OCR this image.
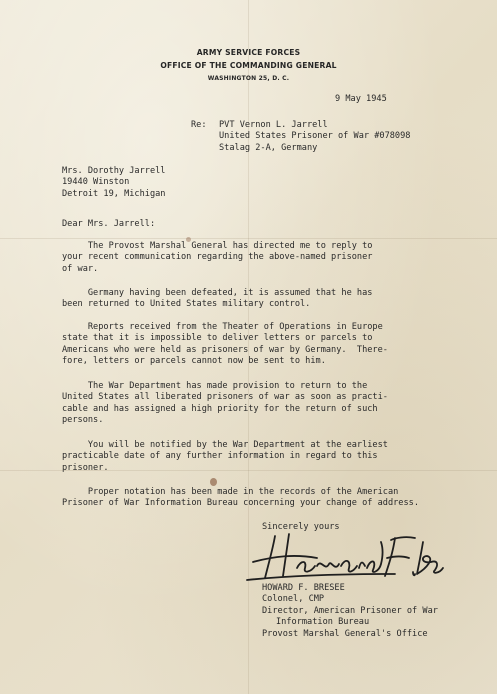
ARMY SERVICE FORCES
OFFICE OF THE COMMANDING GENERAL
WASHINGTON 25, D. C.
9 May 1945
Re: PVT Vernon L. Jarrell
United States Prisoner of War #078098
Stalag 2-A, Germany
Mrs. Dorothy Jarrell
19440 Winston
Detroit 19, Michigan
Dear Mrs. Jarrell:
The Provost Marshal General has directed me to reply to
your recent communication regarding the above-named prisoner
of war.
Germany having been defeated, it is assumed that he has
been returned to United States military control.
Reports received from the Theater of Operations in Europe
state that it is impossible to deliver letters or parcels to
Americans who were held as prisoners of war by Germany.  There-
fore, letters or parcels cannot now be sent to him.
The War Department has made provision to return to the
United States all liberated prisoners of war as soon as practi-
cable and has assigned a high priority for the return of such
persons.
You will be notified by the War Department at the earliest
practicable date of any further information in regard to this
prisoner.
Proper notation has been made in the records of the American
Prisoner of War Information Bureau concerning your change of address.
Sincerely yours
HOWARD F. BRESEE
Colonel, CMP
Director, American Prisoner of War
Information Bureau
Provost Marshal General's Office
